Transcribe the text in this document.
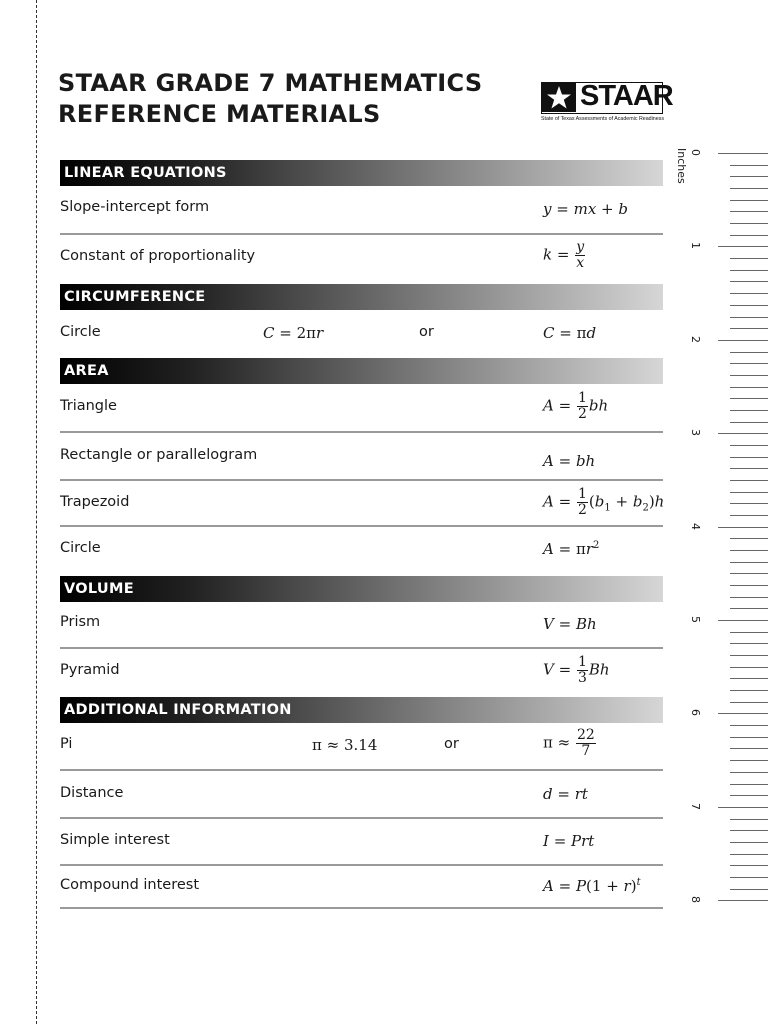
STAAR GRADE 7 MATHEMATICS
REFERENCE MATERIALS
STAAR
State of Texas Assessments of Academic Readiness
LINEAR EQUATIONS
Slope-intercept form	y = mx + b
Constant of proportionality	$k = \frac{y}{x}$
CIRCUMFERENCE
Circle	C = 2πr	or	C = πd
AREA
Triangle	$A = \frac{1}{2}$ bh
Rectangle or parallelogram	A = bh
Trapezoid	$A = \frac{1}{2} (b_1 + b_2)h$
Circle	$A = \pi r^2$
VOLUME
Prism	V = Bh
Pyramid	$V = \frac{1}{3}$ Bh
ADDITIONAL INFORMATION
Pi	π ≈ 3.14	or	$\pi \approx \frac{22}{7}$
Distance	d = rt
Simple interest	I = Prt
Compound interest	$A = P(1 + r)^t$
Inches 0
1
2
3
4
5
6
7
8
